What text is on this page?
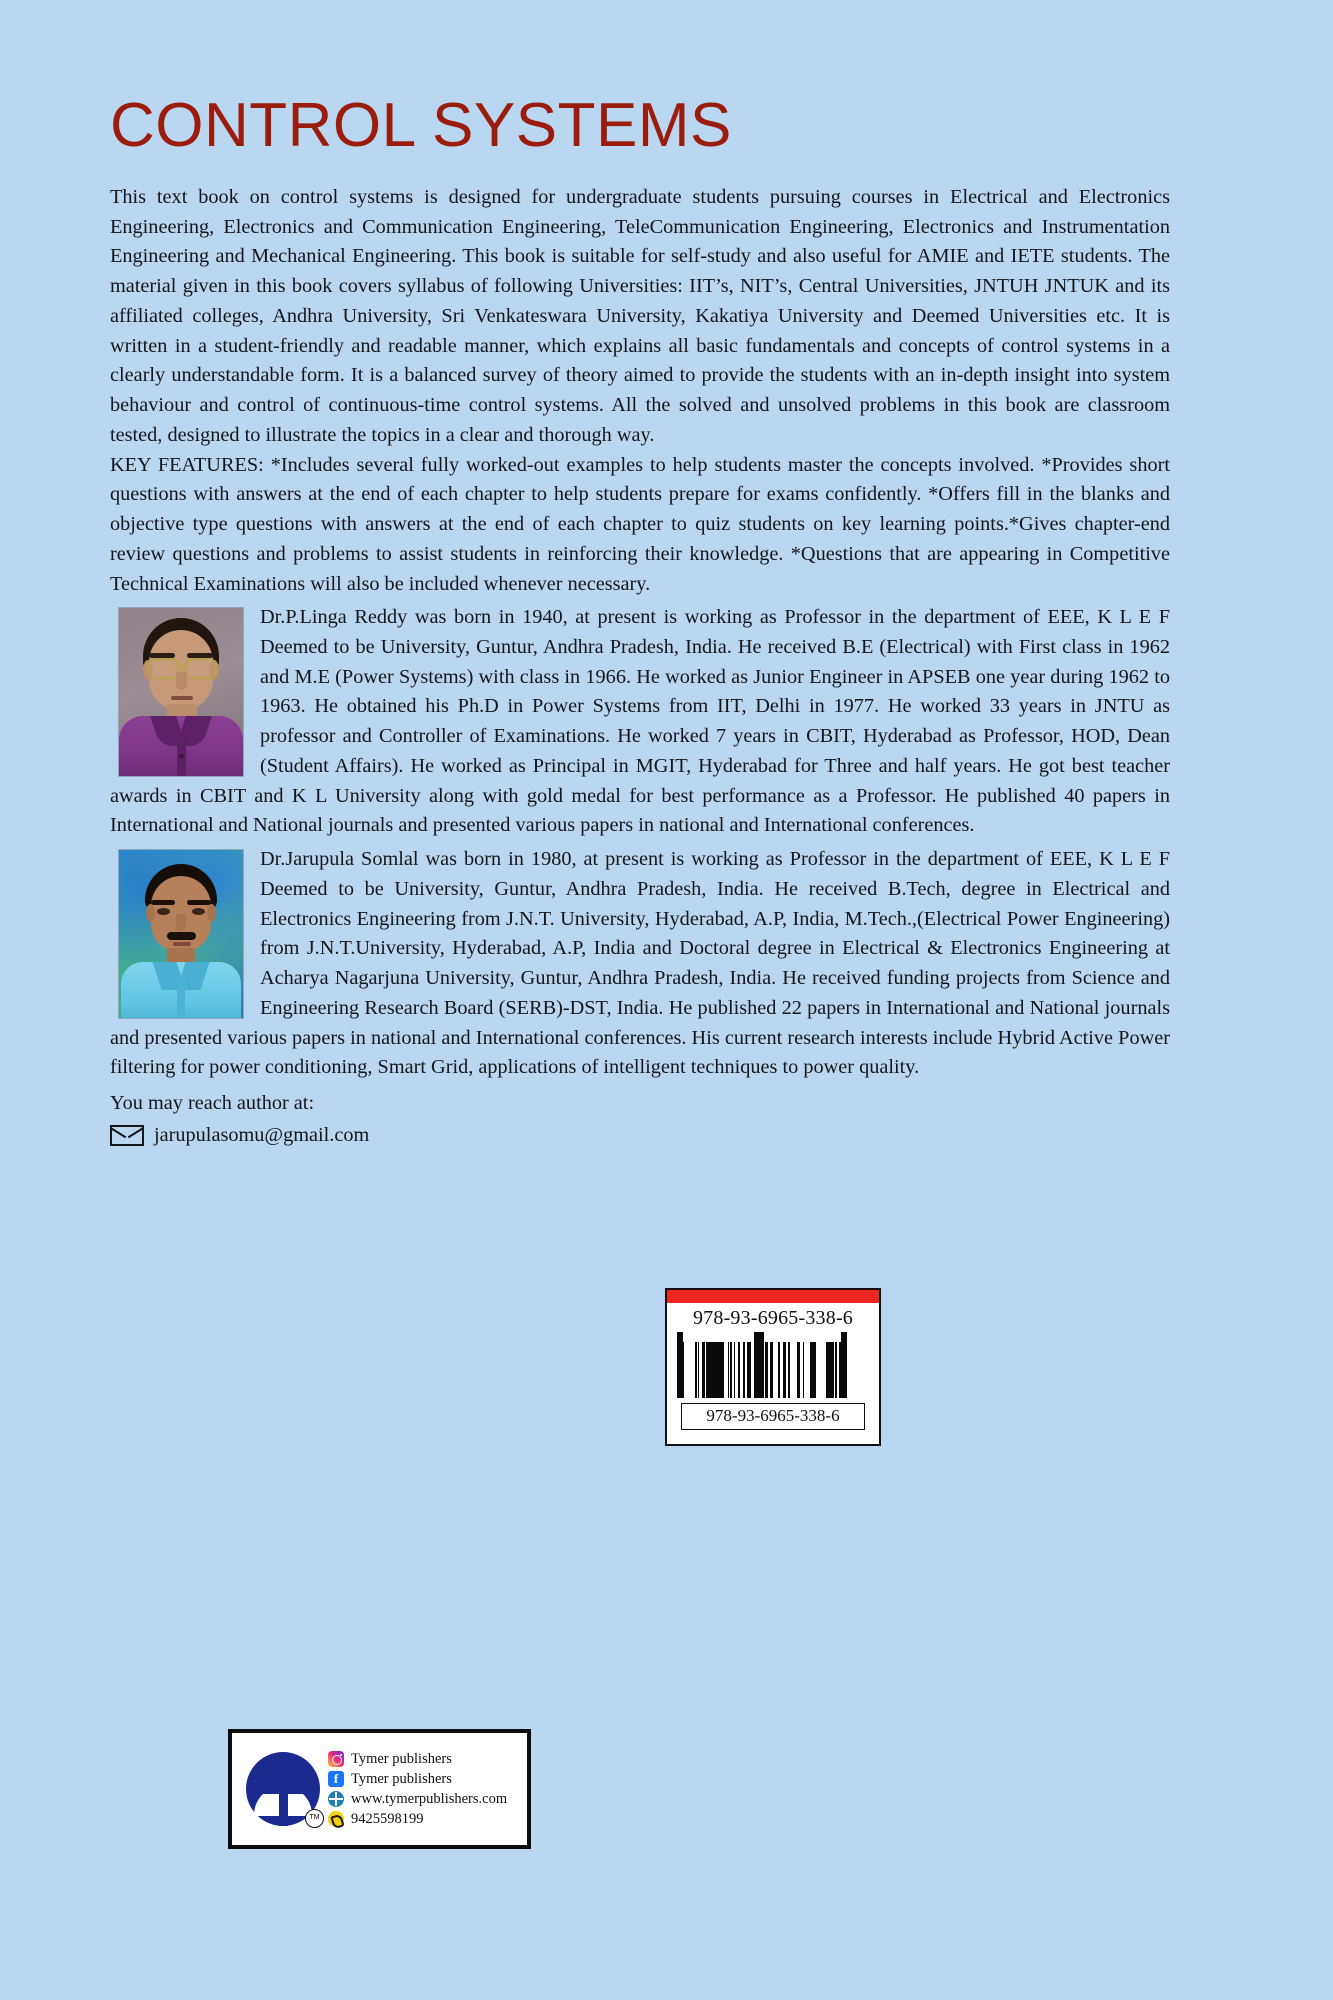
CONTROL SYSTEMS

This text book on control systems is designed for undergraduate students pursuing courses in Electrical and Electronics Engineering, Electronics and Communication Engineering, TeleCommunication Engineering, Electronics and Instrumentation Engineering and Mechanical Engineering. This book is suitable for self-study and also useful for AMIE and IETE students. The material given in this book covers syllabus of following Universities: IIT’s, NIT’s, Central Universities, JNTUH JNTUK and its affiliated colleges, Andhra University, Sri Venkateswara University, Kakatiya University and Deemed Universities etc. It is written in a student-friendly and readable manner, which explains all basic fundamentals and concepts of control systems in a clearly understandable form. It is a balanced survey of theory aimed to provide the students with an in-depth insight into system behaviour and control of continuous-time control systems. All the solved and unsolved problems in this book are classroom tested, designed to illustrate the topics in a clear and thorough way.

KEY FEATURES: *Includes several fully worked-out examples to help students master the concepts involved. *Provides short questions with answers at the end of each chapter to help students prepare for exams confidently. *Offers fill in the blanks and objective type questions with answers at the end of each chapter to quiz students on key learning points.*Gives chapter-end review questions and problems to assist students in reinforcing their knowledge. *Questions that are appearing in Competitive Technical Examinations will also be included whenever necessary.

Dr.P.Linga Reddy was born in 1940, at present is working as Professor in the department of EEE, K L E F Deemed to be University, Guntur, Andhra Pradesh, India. He received B.E (Electrical) with First class in 1962 and M.E (Power Systems) with class in 1966. He worked as Junior Engineer in APSEB one year during 1962 to 1963. He obtained his Ph.D in Power Systems from IIT, Delhi in 1977. He worked 33 years in JNTU as professor and Controller of Examinations. He worked 7 years in CBIT, Hyderabad as Professor, HOD, Dean (Student Affairs). He worked as Principal in MGIT, Hyderabad for Three and half years. He got best teacher awards in CBIT and K L University along with gold medal for best performance as a Professor. He published 40 papers in International and National journals and presented various papers in national and International conferences.
Dr.Jarupula Somlal was born in 1980, at present is working as Professor in the department of EEE, K L E F Deemed to be University, Guntur, Andhra Pradesh, India. He received B.Tech, degree in Electrical and Electronics Engineering from J.N.T. University, Hyderabad, A.P, India, M.Tech.,(Electrical Power Engineering) from J.N.T.University, Hyderabad, A.P, India and Doctoral degree in Electrical & Electronics Engineering at Acharya Nagarjuna University, Guntur, Andhra Pradesh, India. He received funding projects from Science and Engineering Research Board (SERB)-DST, India. He published 22 papers in International and National journals and presented various papers in national and International conferences. His current research interests include Hybrid Active Power filtering for power conditioning, Smart Grid, applications of intelligent techniques to power quality.
You may reach author at:
jarupulasomu@gmail.com
TM
Tymer publishers
f Tymer publishers
www.tymerpublishers.com
9425598199
978-93-6965-338-6
978-93-6965-338-6
